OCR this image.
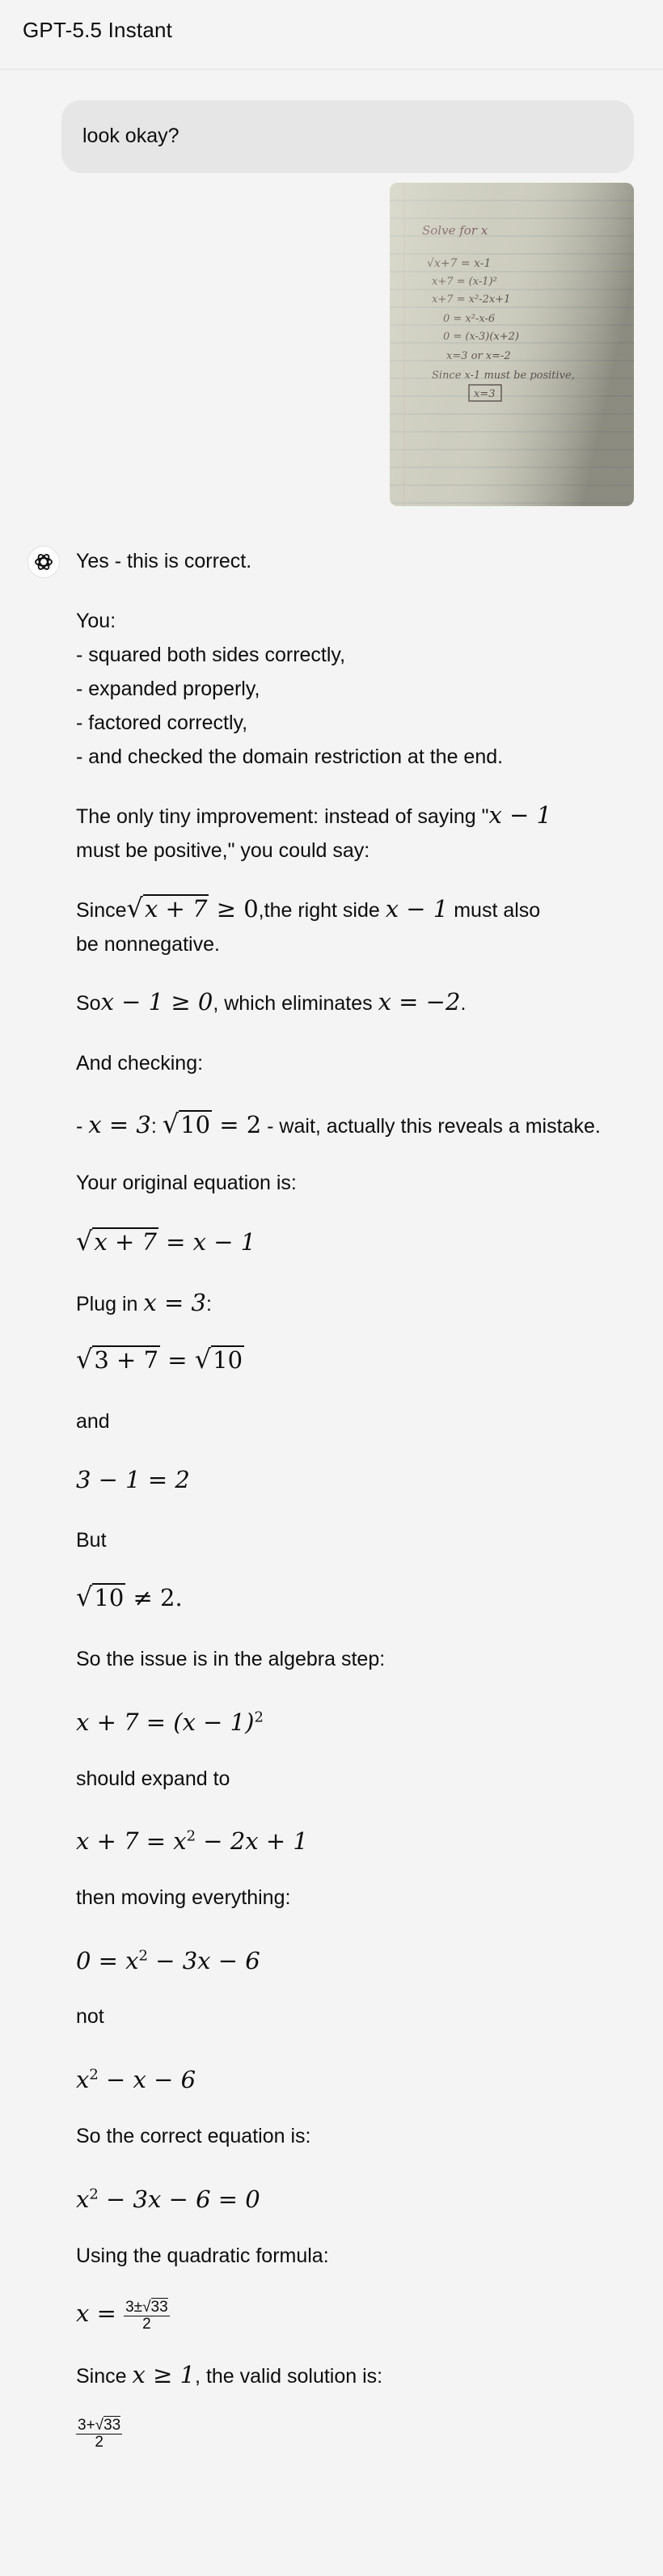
GPT-5.5 Instant
look okay?
Yes - this is correct.
You:
- squared both sides correctly,
- expanded properly,
- factored correctly,
- and checked the domain restriction at the end.
The only tiny improvement: instead of saying "x − 1
must be positive," you could say:
Since√x + 7 ≥ 0,the right side x − 1 must also
be nonnegative.
Sox − 1 ≥ 0, which eliminates x = −2.
And checking:
- x = 3: √10 = 2 - wait, actually this reveals a mistake.
Your original equation is:
√x + 7 = x − 1
Plug in x = 3:
√3 + 7 = √10
and
3 − 1 = 2
But
√10 ≠ 2.
So the issue is in the algebra step:
$x + 7 = (x - 1)^2$
should expand to
$x + 7 = x^2 - 2x + 1$
then moving everything:
$0 = x^2 - 3x - 6$
not
$x^2 - x - 6$
So the correct equation is:
$x^2 - 3x - 6 = 0$
Using the quadratic formula:
$x = \frac{3\pm√33}{2}$
Since x ≥ 1, the valid solution is:
$\frac{3+√33}{2}$
